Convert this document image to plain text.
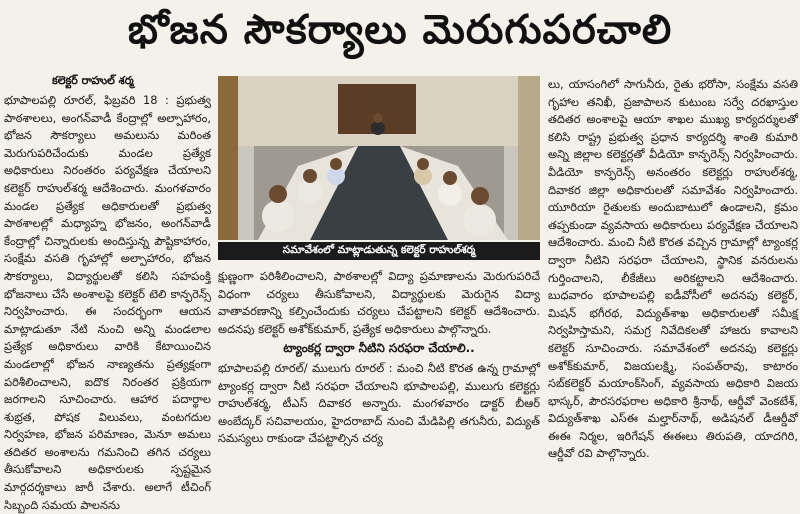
భోజన సౌకర్యాలు మెరుగుపరచాలి
కలెక్టర్ రాహుల్ శర్మ
భూపాలపల్లి రూరల్, ఫిబ్రవరి 18 : ప్రభుత్వ పాఠశాలలు, అంగన్‌వాడీ కేంద్రాల్లో అల్పాహారం, భోజన సౌకర్యాలు అమలును మరింత మెరుగుపరిచేందుకు మండల ప్రత్యేక అధికారులు నిరంతరం పర్యవేక్షణ చేయాలని కలెక్టర్ రాహుల్‌శర్మ ఆదేశించారు. మంగళవారం మండల ప్రత్యేక అధికారులతో ప్రభుత్వ పాఠశాలల్లో మధ్యాహ్న భోజనం, అంగన్‌వాడీ కేంద్రాల్లో చిన్నారులకు అందిస్తున్న పౌష్టికాహారం, సంక్షేమ వసతి గృహాల్లో అల్పాహారం, భోజన సౌకర్యాలు, విద్యార్థులతో కలిసి సహపంక్తి భోజనాలు చేసే అంశాలపై కలెక్టర్ టెలి కాన్ఫరెన్స్ నిర్వహించారు. ఈ సందర్భంగా ఆయన మాట్లాడుతూ నేటి నుంచి అన్ని మండలాల ప్రత్యేక అధికారులు వారికి కేటాయించిన మండలాల్లో భోజన నాణ్యతను ప్రత్యక్షంగా పరిశీలించాలని, ఐదొక నిరంతర ప్రక్రియగా జరగాలని సూచించారు. ఆహార పదార్థాల శుభ్రత, పోషక విలువలు, వంటగదుల నిర్వహణ, భోజన పరిమాణం, మెనూ అమలు తదితర అంశాలను గమనించి తగిన చర్యలు తీసుకోవాలని అధికారులకు స్పష్టమైన మార్గదర్శకాలు జారీ చేశారు. అలాగే టీచింగ్ సిబ్బంది సమయ పాలనను
సమావేశంలో మాట్లాడుతున్న కలెక్టర్ రాహుల్‌శర్మ
క్షుణ్ణంగా పరిశీలించాలని, పాఠశాలల్లో విద్యా ప్రమాణాలను మెరుగుపరిచే విధంగా చర్యలు తీసుకోవాలని, విద్యార్థులకు మెరుగైన విద్యా వాతావరణాన్ని కల్పించేందుకు చర్యలు చేపట్టాలని కలెక్టర్ ఆదేశించారు. అదనపు కలెక్టర్ అశోక్‌కుమార్, ప్రత్యేక అధికారులు పాల్గొన్నారు.
ట్యాంకర్ల ద్వారా నీటిని సరఫరా చేయాలి..
భూపాలపల్లి రూరల్/ ములుగు రూరల్ : మంచి నీటి కొరత ఉన్న గ్రామాల్లో ట్యాంకర్ల ద్వారా నీటి సరఫరా చేయాలని భూపాలపల్లి, ములుగు కలెక్టర్లు రాహుల్‌శర్మ, టీఎస్ దివాకర అన్నారు. మంగళవారం డాక్టర్ బీఆర్ అంబేద్కర్ సచివాలయం, హైదరాబాద్ నుంచి మేడిపిల్లి తగునీరు, విద్యుత్ సమస్యలు రాకుండా చేపట్టాల్సిన చర్య
లు, యాసంగిలో సాగునీరు, రైతు భరోసా, సంక్షేమ వసతి గృహాల తనిఖీ, ప్రజాపాలన కుటుంబ సర్వే దరఖాస్తుల తదితర అంశాలపై ఆయా శాఖల ముఖ్య కార్యదర్శులతో కలిసి రాష్ట్ర ప్రభుత్వ ప్రధాన కార్యదర్శి శాంతి కుమారి అన్ని జిల్లాల కలెక్టర్లతో వీడియో కాన్ఫరెన్స్ నిర్వహించారు. వీడియో కాన్ఫరెన్స్ అనంతరం కలెక్టర్లు రాహుల్‌శర్మ, దివాకర జిల్లా అధికారులతో సమావేశం నిర్వహించారు. యూరియా రైతులకు అందుబాటులో ఉండాలని, క్రమం తప్పకుండా వ్యవసాయ అధికారులు పర్యవేక్షణ చేయాలని ఆదేశించారు. మంచి నీటి కొరత వచ్చిన గ్రామాల్లో ట్యాంకర్ల ద్వారా నీటిని సరఫరా చేయాలని, స్థానిక వనరులను గుర్తించాలని, లీకేజీలు అరికట్టాలని ఆదేశించారు. బుధవారం భూపాలపల్లి ఐడీవోసీలో అదనపు కలెక్టర్, మిషన్ భగీరథ, విద్యుత్‌శాఖ అధికారులతో సమీక్ష నిర్వహిస్తామని, సమగ్ర నివేదికలతో హాజరు కావాలని కలెక్టర్ సూచించారు. సమావేశంలో అదనపు కలెక్టర్లు అశోక్‌కుమార్, విజయలక్ష్మి, సంపత్‌రావు, కాటారం సబ్‌కలెక్టర్ మయాంక్‌సింగ్, వ్యవసాయ అధికారి విజయ భాస్కర్, పౌరసరఫరాల అధికారి శ్రీనాథ్, ఆర్డీవో వెంకటేశ్, విద్యుత్‌శాఖ ఎస్ఈ మల్హార్‌నాథ్, అడిషనల్ డీఆర్డీవో ఈఈ నిర్మల, ఇరిగేషన్ ఈఈలు తిరుపతి, యాదగిరి, ఆర్డీవో రవి పాల్గొన్నారు.
